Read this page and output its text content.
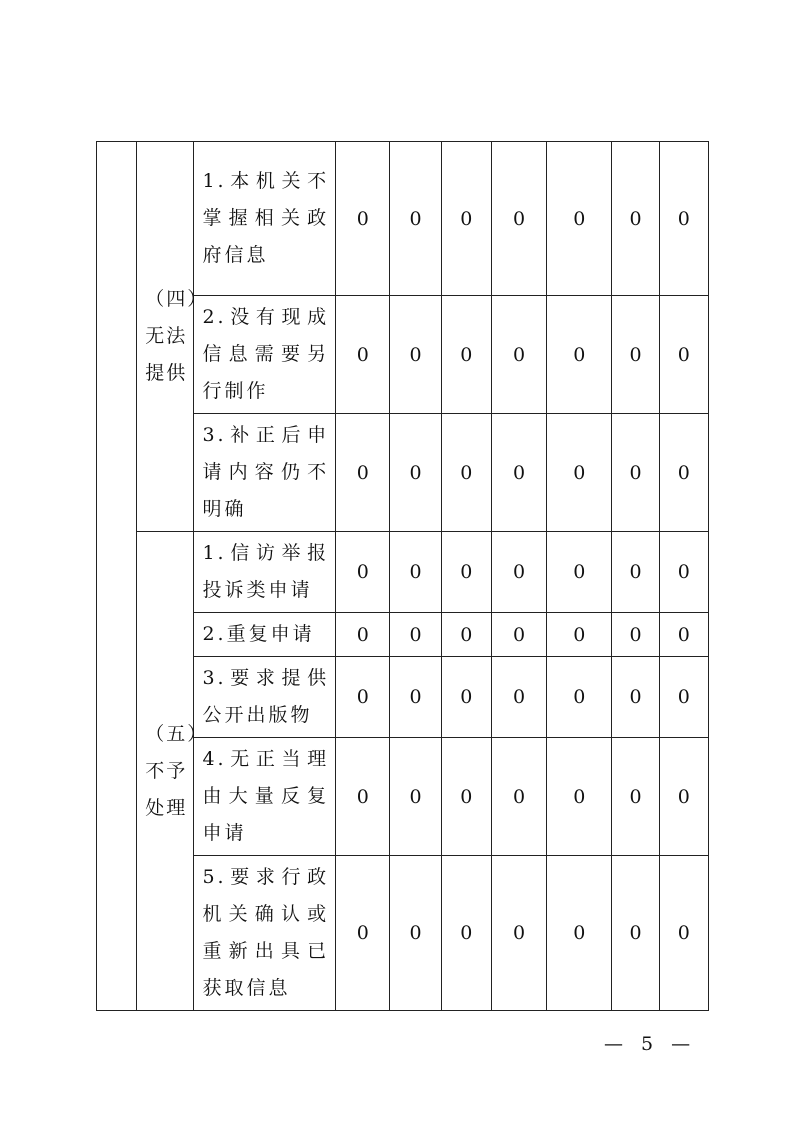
	（四）无法提供	1.本机关不掌握相关政府信息	0	0	0	0	0	0	0
		2.没有现成信息需要另行制作	0	0	0	0	0	0	0
		3.补正后申请内容仍不明确	0	0	0	0	0	0	0
	（五）不予处理	1.信访举报投诉类申请	0	0	0	0	0	0	0
		2.重复申请	0	0	0	0	0	0	0
		3.要求提供公开出版物	0	0	0	0	0	0	0
		4.无正当理由大量反复申请	0	0	0	0	0	0	0
		5.要求行政机关确认或重新出具已获取信息	0	0	0	0	0	0	0
— 5 —
